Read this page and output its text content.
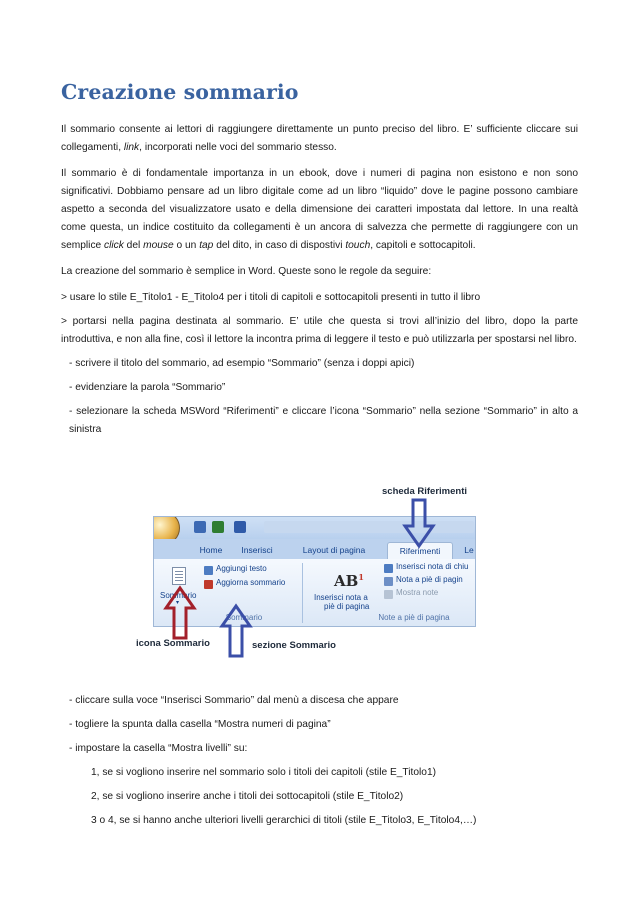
Creazione sommario

Il sommario consente ai lettori di raggiungere direttamente un punto preciso del libro. E’ sufficiente cliccare sui collegamenti, link, incorporati nelle voci del sommario stesso.

Il sommario è di fondamentale importanza in un ebook, dove i numeri di pagina non esistono e non sono significativi. Dobbiamo pensare ad un libro digitale come ad un libro “liquido” dove le pagine possono cambiare aspetto a seconda del visualizzatore usato e della dimensione dei caratteri impostata dal lettore. In una realtà come questa, un indice costituito da collegamenti è un ancora di salvezza che permette di raggiungere con un semplice click del mouse o un tap del dito, in caso di dispostivi touch, capitoli e sottocapitoli.

La creazione del sommario è semplice in Word. Queste sono le regole da seguire:

> usare lo stile E_Titolo1 - E_Titolo4 per i titoli di capitoli e sottocapitoli presenti in tutto il libro

> portarsi nella pagina destinata al sommario. E’ utile che questa si trovi all’inizio del libro, dopo la parte introduttiva, e non alla fine, così il lettore la incontra prima di leggere il testo e può utilizzarla per spostarsi nel libro.

- scrivere il titolo del sommario, ad esempio “Sommario” (senza i doppi apici)

- evidenziare la parola “Sommario”

- selezionare la scheda MSWord “Riferimenti” e cliccare l’icona “Sommario” nella sezione “Sommario” in alto a sinistra

scheda Riferimenti
Home	Inserisci	Layout di pagina	Riferimenti	Le
Sommario
▾
Aggiungi testo
Aggiorna sommario
Sommario
$AB^1$
Inserisci nota a
piè di pagina
Inserisci nota di chiu
Nota a piè di pagin
Mostra note
Note a piè di pagina
icona Sommario	sezione Sommario

- cliccare sulla voce “Inserisci Sommario” dal menù a discesa che appare

- togliere la spunta dalla casella “Mostra numeri di pagina”

- impostare la casella “Mostra livelli” su:

1, se si vogliono inserire nel sommario solo i titoli dei capitoli (stile E_Titolo1)

2, se si vogliono inserire anche i titoli dei sottocapitoli (stile E_Titolo2)

3 o 4, se si hanno anche ulteriori livelli gerarchici di titoli (stile E_Titolo3, E_Titolo4,…)
